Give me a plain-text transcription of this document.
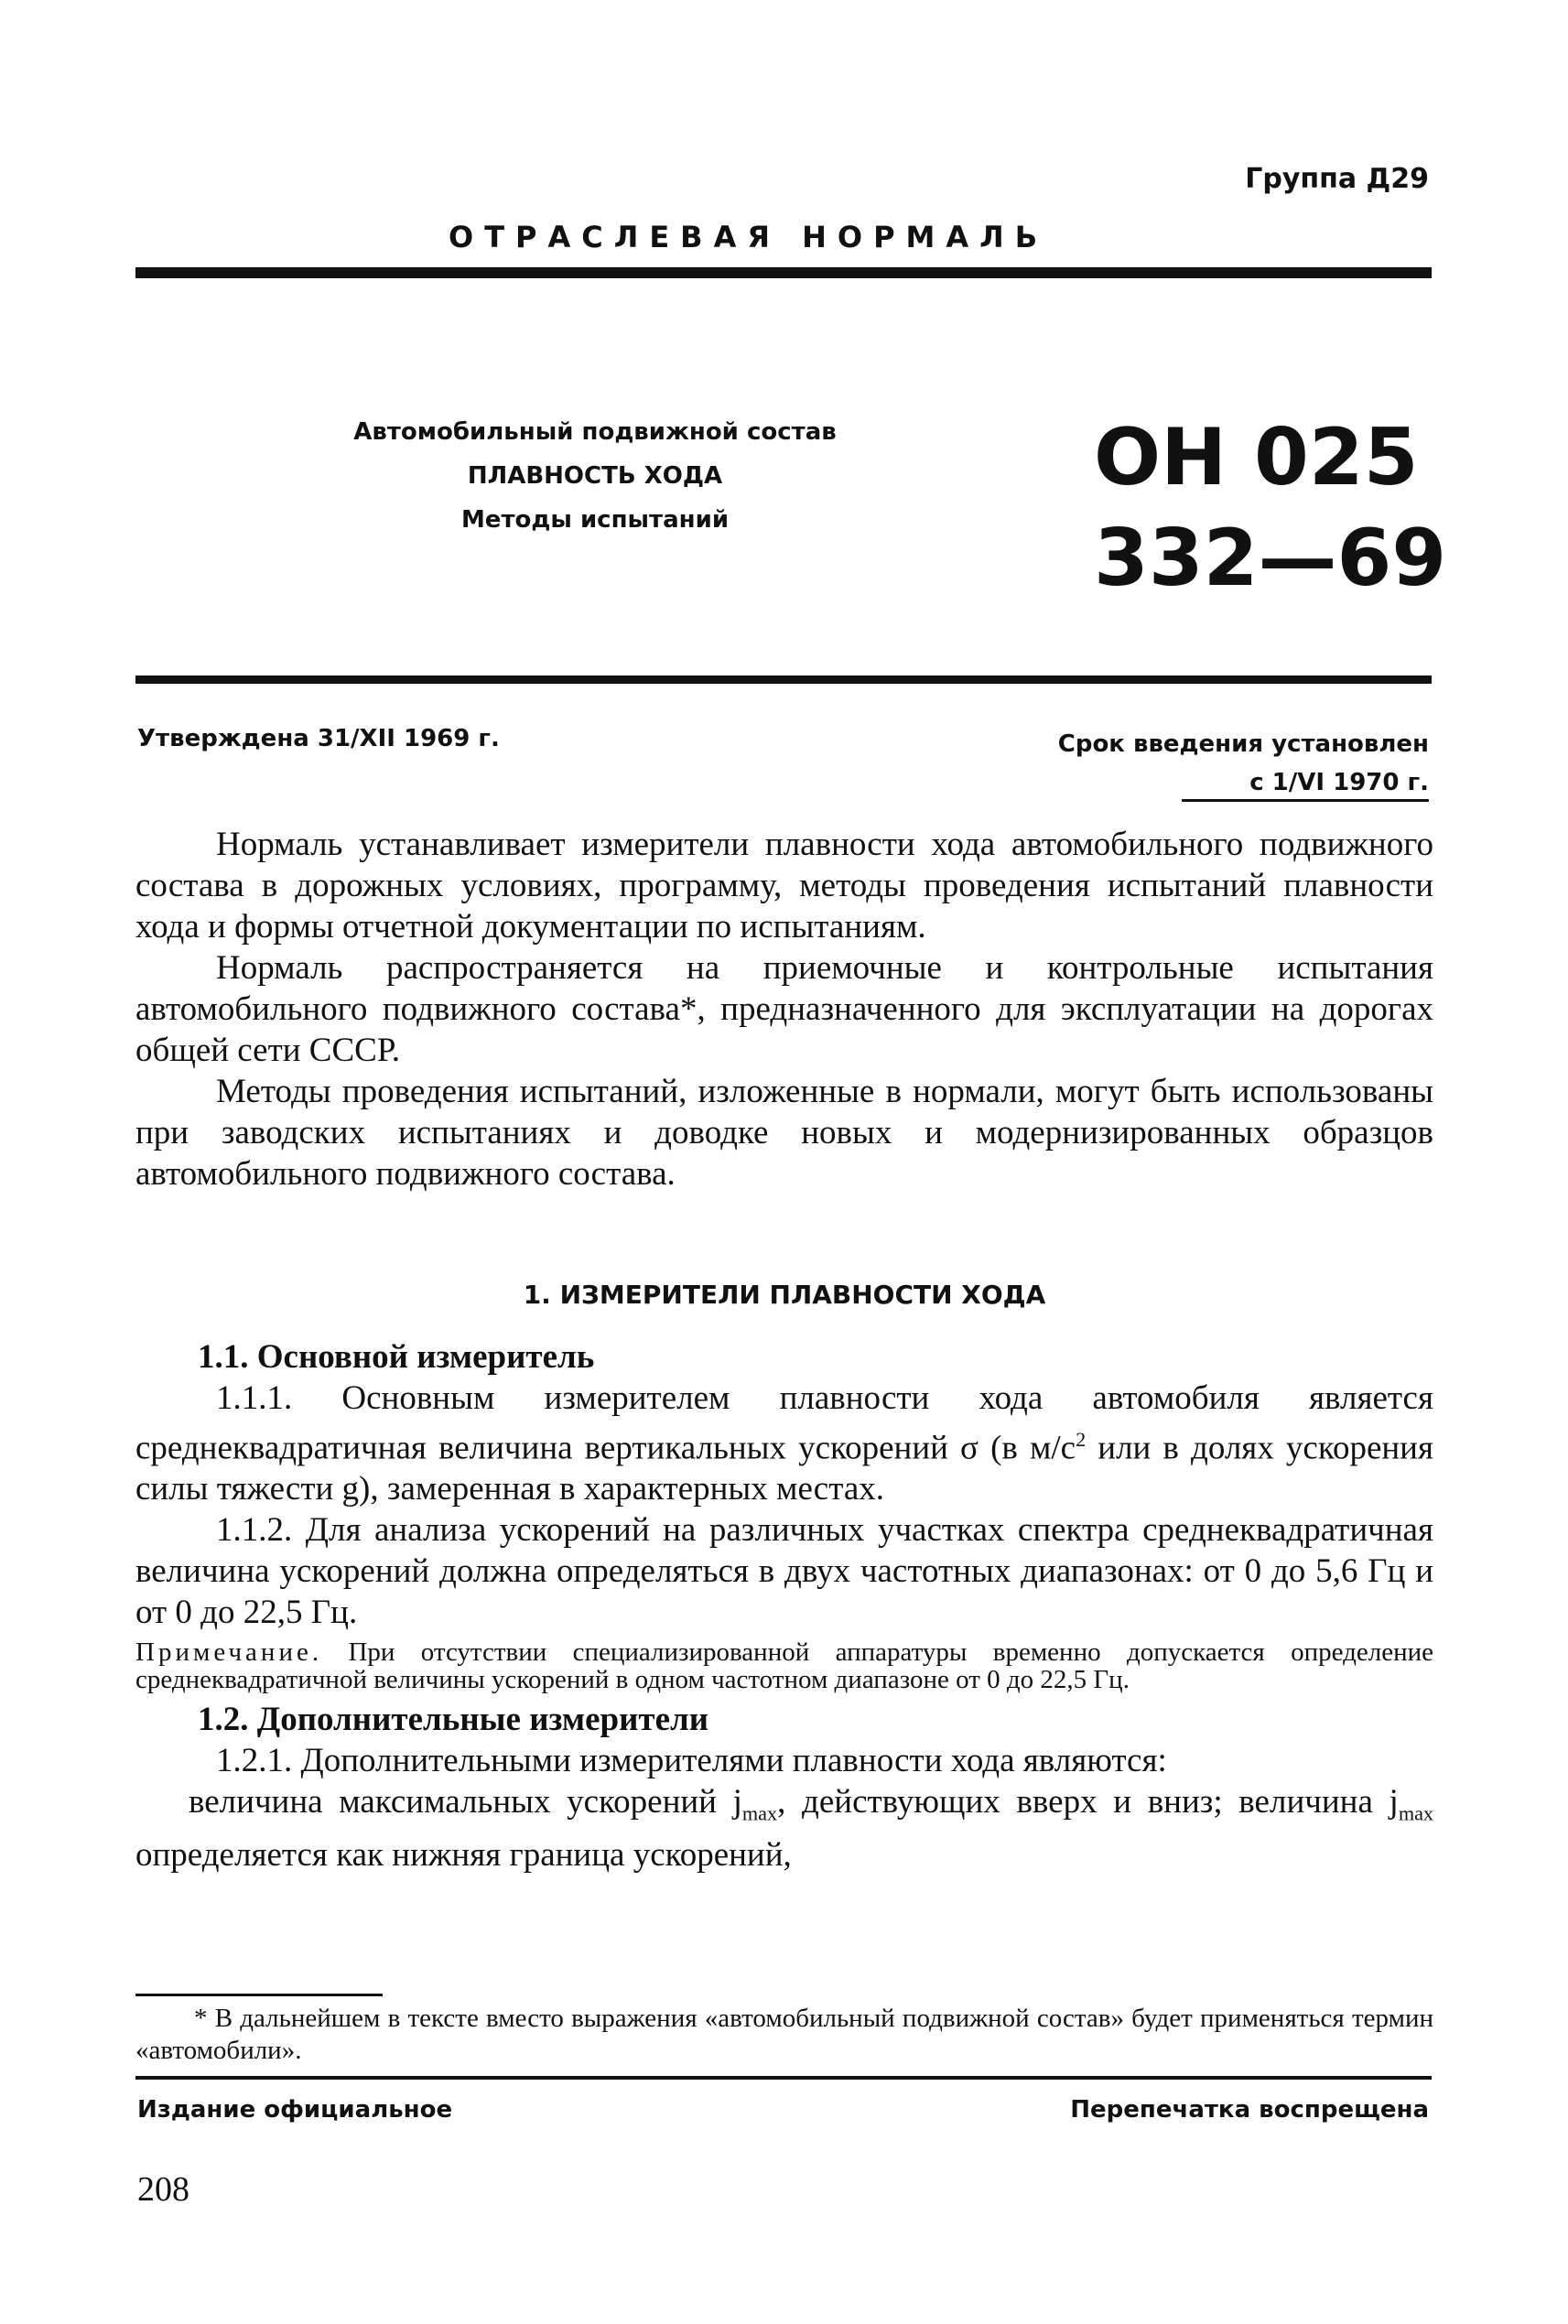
Группа Д29
ОТРАСЛЕВАЯ НОРМАЛЬ
Автомобильный подвижной состав
ПЛАВНОСТЬ ХОДА
Методы испытаний
ОН 025
332—69
Утверждена 31/XII 1969 г.	Срок введения установлен
с 1/VI 1970 г.

Нормаль устанавливает измерители плавности хода автомобильного подвижного состава в дорожных условиях, программу, методы проведения испытаний плавности хода и формы отчетной документации по испытаниям.

Нормаль распространяется на приемочные и контрольные испытания автомобильного подвижного состава*, предназначенного для эксплуатации на дорогах общей сети СССР.

Методы проведения испытаний, изложенные в нормали, могут быть использованы при заводских испытаниях и доводке новых и модернизированных образцов автомобильного подвижного состава.

1. ИЗМЕРИТЕЛИ ПЛАВНОСТИ ХОДА

1.1. Основной измеритель

1.1.1. Основным измерителем плавности хода автомобиля является среднеквадратичная величина вертикальных ускорений σ (в $м/с^2$ или в долях ускорения силы тяжести g), замеренная в характерных местах.

1.1.2. Для анализа ускорений на различных участках спектра среднеквадратичная величина ускорений должна определяться в двух частотных диапазонах: от 0 до 5,6 Гц и от 0 до 22,5 Гц.

Примечание. При отсутствии специализированной аппаратуры временно допускается определение среднеквадратичной величины ускорений в одном частотном диапазоне от 0 до 22,5 Гц.

1.2. Дополнительные измерители

1.2.1. Дополнительными измерителями плавности хода являются:

величина максимальных ускорений $j_{max}$, действующих вверх и вниз; величина $j_{max}$ определяется как нижняя граница ускорений,

* В дальнейшем в тексте вместо выражения «автомобильный подвижной состав» будет применяться термин «автомобили».
Издание официальное	Перепечатка воспрещена
208
